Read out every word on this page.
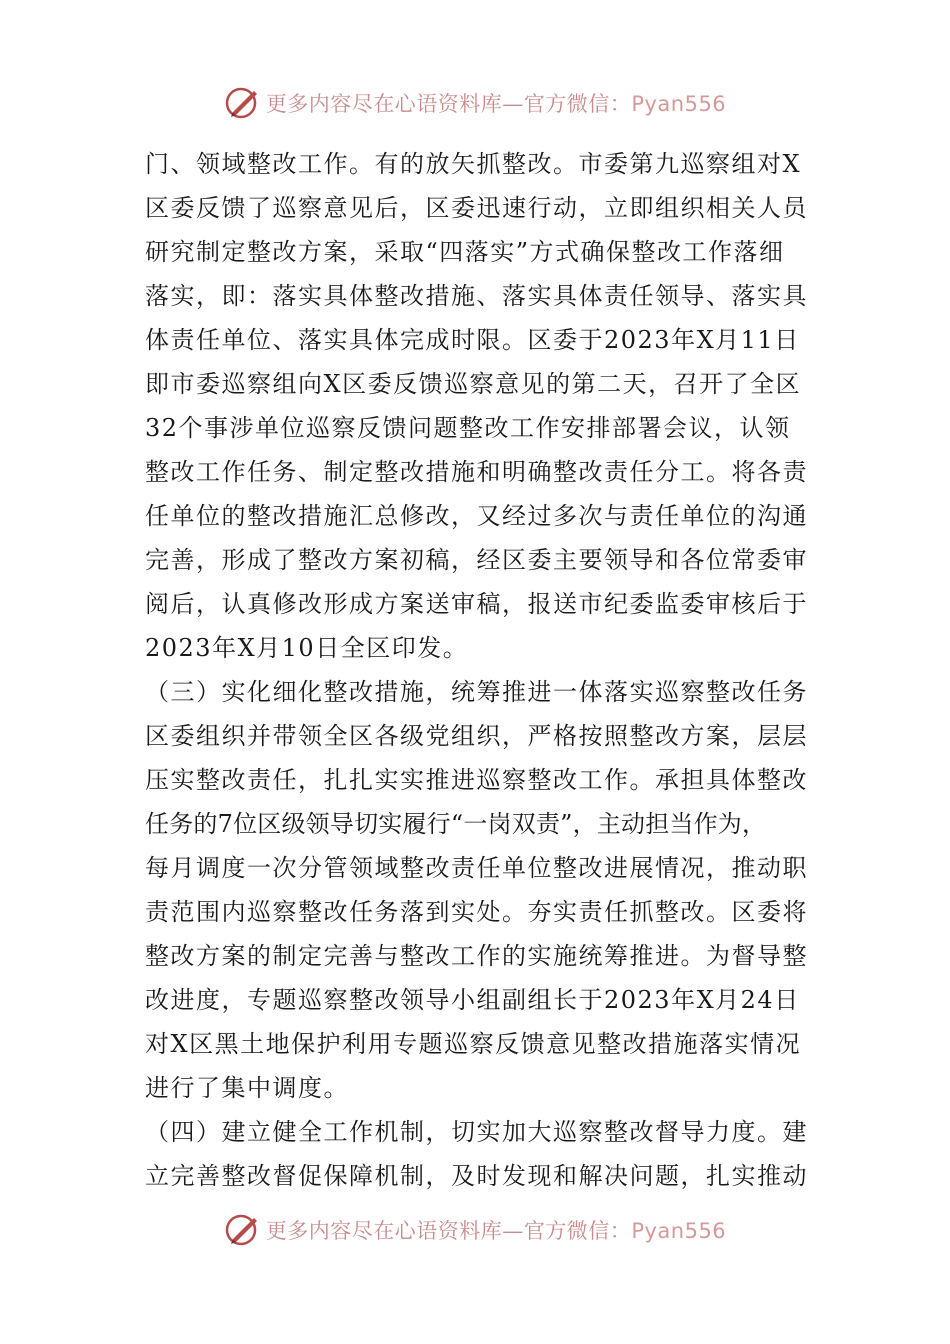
更多内容尽在心语资料库—官方微信：Pyan556
门、领域整改工作。有的放矢抓整改。市委第九巡察组对X
区委反馈了巡察意见后，区委迅速行动，立即组织相关人员
研究制定整改方案，采取“四落实”方式确保整改工作落细
落实，即：落实具体整改措施、落实具体责任领导、落实具
体责任单位、落实具体完成时限。区委于2023年X月11日
即市委巡察组向X区委反馈巡察意见的第二天，召开了全区
32个事涉单位巡察反馈问题整改工作安排部署会议，认领
整改工作任务、制定整改措施和明确整改责任分工。将各责
任单位的整改措施汇总修改，又经过多次与责任单位的沟通
完善，形成了整改方案初稿，经区委主要领导和各位常委审
阅后，认真修改形成方案送审稿，报送市纪委监委审核后于
2023年X月10日全区印发。
（三）实化细化整改措施，统筹推进一体落实巡察整改任务
区委组织并带领全区各级党组织，严格按照整改方案，层层
压实整改责任，扎扎实实推进巡察整改工作。承担具体整改
任务的7位区级领导切实履行“一岗双责”，主动担当作为，
每月调度一次分管领域整改责任单位整改进展情况，推动职
责范围内巡察整改任务落到实处。夯实责任抓整改。区委将
整改方案的制定完善与整改工作的实施统筹推进。为督导整
改进度，专题巡察整改领导小组副组长于2023年X月24日
对X区黑土地保护利用专题巡察反馈意见整改措施落实情况
进行了集中调度。
（四）建立健全工作机制，切实加大巡察整改督导力度。建
立完善整改督促保障机制，及时发现和解决问题，扎实推动
更多内容尽在心语资料库—官方微信：Pyan556
